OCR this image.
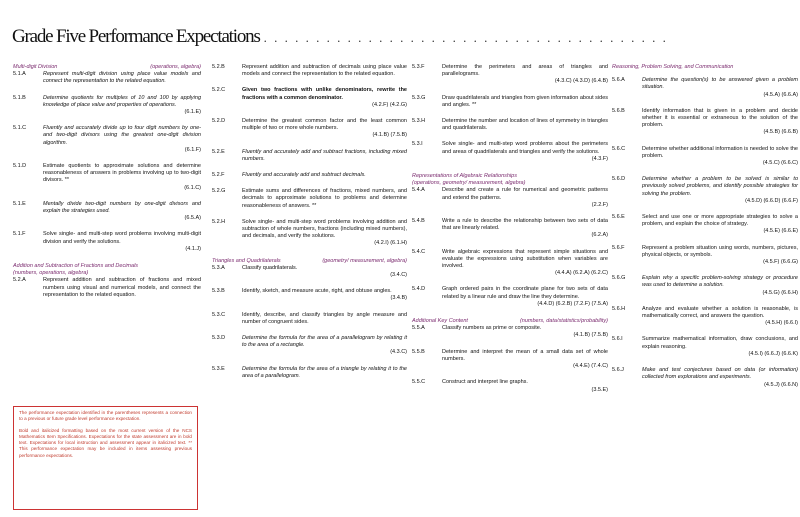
Grade Five Performance Expectations . . . . . . . . . . . . . . . . . . . . . . . . . . . . . . . . . . . . . . .
Multi-digit Division	(operations, algebra)
5.1.A	Represent multi-digit division using place value models and connect the representation to the related equation.
5.1.B	Determine quotients for multiples of 10 and 100 by applying knowledge of place value and properties of operations.
(6.1.E)
5.1.C	Fluently and accurately divide up to four digit numbers by one- and two-digit divisors using the greatest one-digit division algorithm.
(6.1.F)
5.1.D	Estimate quotients to approximate solutions and determine reasonableness of answers in problems involving up to two-digit divisors. **
(6.1.C)
5.1.E	Mentally divide two-digit numbers by one-digit divisors and explain the strategies used.
(6.5.A)
5.1.F	Solve single- and multi-step word problems involving multi-digit division and verify the solutions.
(4.1.J)
Addition and Subtraction of Fractions and Decimals
(numbers, operations, algebra)
5.2.A	Represent addition and subtraction of fractions and mixed numbers using visual and numerical models, and connect the representation to the related equation.

The performance expectation identified in the parentheses represents a connection to a previous or future grade level performance expectation.

Bold and italicized formatting based on the most current version of the NCS Mathematics Item Specifications. Expectations for the state assessment are in bold text. Expectations for local instruction and assessment appear in italicized text. ** This performance expectation may be included in items assessing previous performance expectations.

5.2.B	Represent addition and subtraction of decimals using place value models and connect the representation to the related equation.
5.2.C	Given two fractions with unlike denominators, rewrite the fractions with a common denominator.
(4.2.F) (4.2.G)
5.2.D	Determine the greatest common factor and the least common multiple of two or more whole numbers.
(4.1.B) (7.5.B)
5.2.E	Fluently and accurately add and subtract fractions, including mixed numbers.
5.2.F	Fluently and accurately add and subtract decimals.
5.2.G	Estimate sums and differences of fractions, mixed numbers, and decimals to approximate solutions to problems and determine reasonableness of answers. **
5.2.H	Solve single- and multi-step word problems involving addition and subtraction of whole numbers, fractions (including mixed numbers), and decimals, and verify the solutions.
(4.2.I) (6.1.H)
Triangles and Quadrilaterals	(geometry/ measurement, algebra)
5.3.A	Classify quadrilaterals.
(3.4.C)
5.3.B	Identify, sketch, and measure acute, right, and obtuse angles.
(3.4.B)
5.3.C	Identify, describe, and classify triangles by angle measure and number of congruent sides.
5.3.D	Determine the formula for the area of a parallelogram by relating it to the area of a rectangle.
(4.3.C)
5.3.E	Determine the formula for the area of a triangle by relating it to the area of a parallelogram.
5.3.F	Determine the perimeters and areas of triangles and parallelograms.
(4.3.C) (4.3.D) (6.4.B)
5.3.G	Draw quadrilaterals and triangles from given information about sides and angles. **
5.3.H	Determine the number and location of lines of symmetry in triangles and quadrilaterals.
5.3.I	Solve single- and multi-step word problems about the perimeters and areas of quadrilaterals and triangles and verify the solutions.
(4.3.F)
Representations of Algebraic Relationships
(operations, geometry/ measurement, algebra)
5.4.A	Describe and create a rule for numerical and geometric patterns and extend the patterns.
(2.2.F)
5.4.B	Write a rule to describe the relationship between two sets of data that are linearly related.
(6.2.A)
5.4.C	Write algebraic expressions that represent simple situations and evaluate the expressions using substitution when variables are involved.
(4.4.A) (6.2.A) (6.2.C)
5.4.D	Graph ordered pairs in the coordinate plane for two sets of data related by a linear rule and draw the line they determine.
(4.4.D) (6.2.B) (7.2.F) (7.5.A)
Additional Key Content	(numbers, data/statistics/probability)
5.5.A	Classify numbers as prime or composite.
(4.1.B) (7.5.B)
5.5.B	Determine and interpret the mean of a small data set of whole numbers.
(4.4.E) (7.4.C)
5.5.C	Construct and interpret line graphs.
(3.5.E)
Reasoning, Problem Solving, and Communication
5.6.A	Determine the question(s) to be answered given a problem situation.
(4.5.A) (6.6.A)
5.6.B	Identify information that is given in a problem and decide whether it is essential or extraneous to the solution of the problem.
(4.5.B) (6.6.B)
5.6.C	Determine whether additional information is needed to solve the problem.
(4.5.C) (6.6.C)
5.6.D	Determine whether a problem to be solved is similar to previously solved problems, and identify possible strategies for solving the problem.
(4.5.D) (6.6.D) (6.6.F)
5.6.E	Select and use one or more appropriate strategies to solve a problem, and explain the choice of strategy.
(4.5.E) (6.6.E)
5.6.F	Represent a problem situation using words, numbers, pictures, physical objects, or symbols.
(4.5.F) (6.6.G)
5.6.G	Explain why a specific problem-solving strategy or procedure was used to determine a solution.
(4.5.G) (6.6.H)
5.6.H	Analyze and evaluate whether a solution is reasonable, is mathematically correct, and answers the question.
(4.5.H) (6.6.I)
5.6.I	Summarize mathematical information, draw conclusions, and explain reasoning.
(4.5.I) (6.6.J) (6.6.K)
5.6.J	Make and test conjectures based on data (or information) collected from explorations and experiments.
(4.5.J) (6.6.N)
